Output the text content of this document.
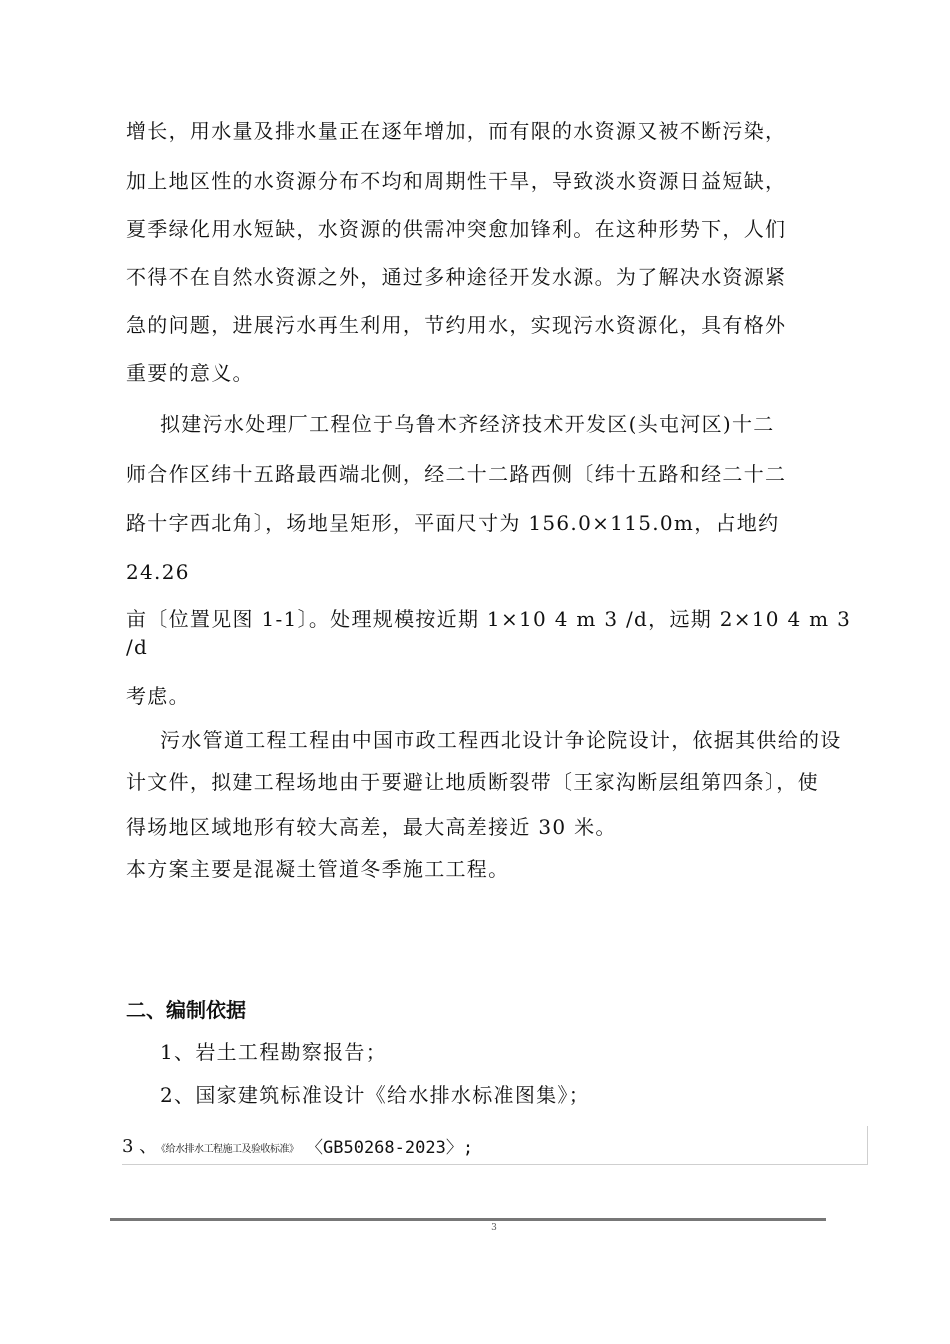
增长，用水量及排水量正在逐年增加，而有限的水资源又被不断污染，
加上地区性的水资源分布不均和周期性干旱，导致淡水资源日益短缺，
夏季绿化用水短缺，水资源的供需冲突愈加锋利。在这种形势下，人们
不得不在自然水资源之外，通过多种途径开发水源。为了解决水资源紧
急的问题，进展污水再生利用，节约用水，实现污水资源化，具有格外
重要的意义。
拟建污水处理厂工程位于乌鲁木齐经济技术开发区(头屯河区)十二
师合作区纬十五路最西端北侧，经二十二路西侧〔纬十五路和经二十二
路十字西北角〕，场地呈矩形，平面尺寸为 156.0×115.0m，占地约
24.26
亩〔位置见图 1-1〕。处理规模按近期 1×10 4 m 3 /d，远期 2×10 4 m 3
/d
考虑。
污水管道工程工程由中国市政工程西北设计争论院设计，依据其供给的设
计文件，拟建工程场地由于要避让地质断裂带〔王家沟断层组第四条〕，使
得场地区域地形有较大高差，最大高差接近 30 米。
本方案主要是混凝土管道冬季施工工程。
二、编制依据
1、岩土工程勘察报告；
2、国家建筑标准设计《给水排水标准图集》；
3 、
《给水排水工程施工及验收标准》 〈GB50268-2023〉;
3
